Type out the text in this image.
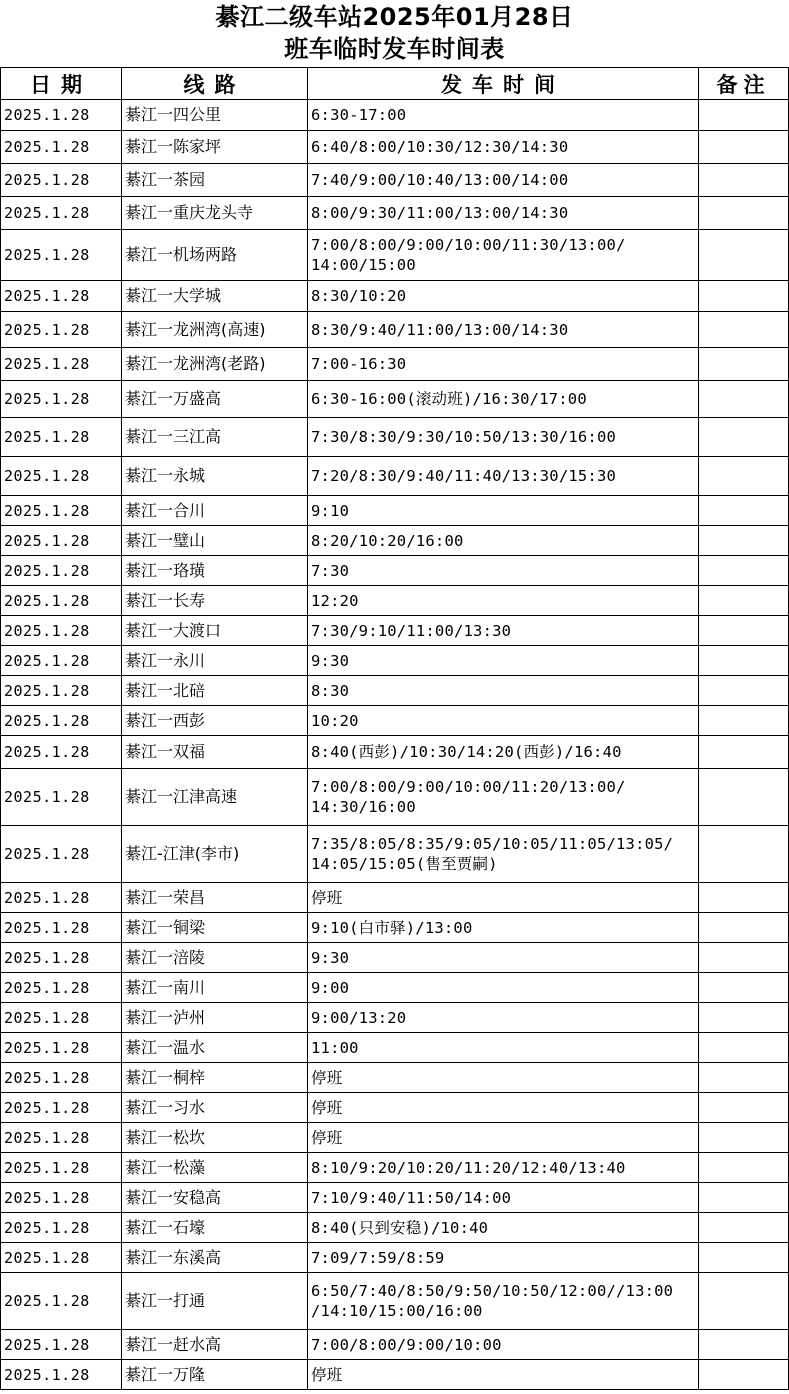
綦江二级车站2025年01月28日
班车临时发车时间表
日期	线路	发车时间	备注
2025.1.28	綦江一四公里	6:30-17:00	
2025.1.28	綦江一陈家坪	6:40/8:00/10:30/12:30/14:30	
2025.1.28	綦江一茶园	7:40/9:00/10:40/13:00/14:00	
2025.1.28	綦江一重庆龙头寺	8:00/9:30/11:00/13:00/14:30	
2025.1.28	綦江一机场两路	7:00/8:00/9:00/10:00/11:30/13:00/
14:00/15:00	
2025.1.28	綦江一大学城	8:30/10:20	
2025.1.28	綦江一龙洲湾(高速)	8:30/9:40/11:00/13:00/14:30	
2025.1.28	綦江一龙洲湾(老路)	7:00-16:30	
2025.1.28	綦江一万盛高	6:30-16:00(滚动班)/16:30/17:00	
2025.1.28	綦江一三江高	7:30/8:30/9:30/10:50/13:30/16:00	
2025.1.28	綦江一永城	7:20/8:30/9:40/11:40/13:30/15:30	
2025.1.28	綦江一合川	9:10	
2025.1.28	綦江一璧山	8:20/10:20/16:00	
2025.1.28	綦江一珞璜	7:30	
2025.1.28	綦江一长寿	12:20	
2025.1.28	綦江一大渡口	7:30/9:10/11:00/13:30	
2025.1.28	綦江一永川	9:30	
2025.1.28	綦江一北碚	8:30	
2025.1.28	綦江一西彭	10:20	
2025.1.28	綦江一双福	8:40(西彭)/10:30/14:20(西彭)/16:40	
2025.1.28	綦江一江津高速	7:00/8:00/9:00/10:00/11:20/13:00/
14:30/16:00	
2025.1.28	綦江-江津(李市)	7:35/8:05/8:35/9:05/10:05/11:05/13:05/
14:05/15:05(售至贾嗣)	
2025.1.28	綦江一荣昌	停班	
2025.1.28	綦江一铜梁	9:10(白市驿)/13:00	
2025.1.28	綦江一涪陵	9:30	
2025.1.28	綦江一南川	9:00	
2025.1.28	綦江一泸州	9:00/13:20	
2025.1.28	綦江一温水	11:00	
2025.1.28	綦江一桐梓	停班	
2025.1.28	綦江一习水	停班	
2025.1.28	綦江一松坎	停班	
2025.1.28	綦江一松藻	8:10/9:20/10:20/11:20/12:40/13:40	
2025.1.28	綦江一安稳高	7:10/9:40/11:50/14:00	
2025.1.28	綦江一石壕	8:40(只到安稳)/10:40	
2025.1.28	綦江一东溪高	7:09/7:59/8:59	
2025.1.28	綦江一打通	6:50/7:40/8:50/9:50/10:50/12:00//13:00
/14:10/15:00/16:00	
2025.1.28	綦江一赶水高	7:00/8:00/9:00/10:00	
2025.1.28	綦江一万隆	停班	
